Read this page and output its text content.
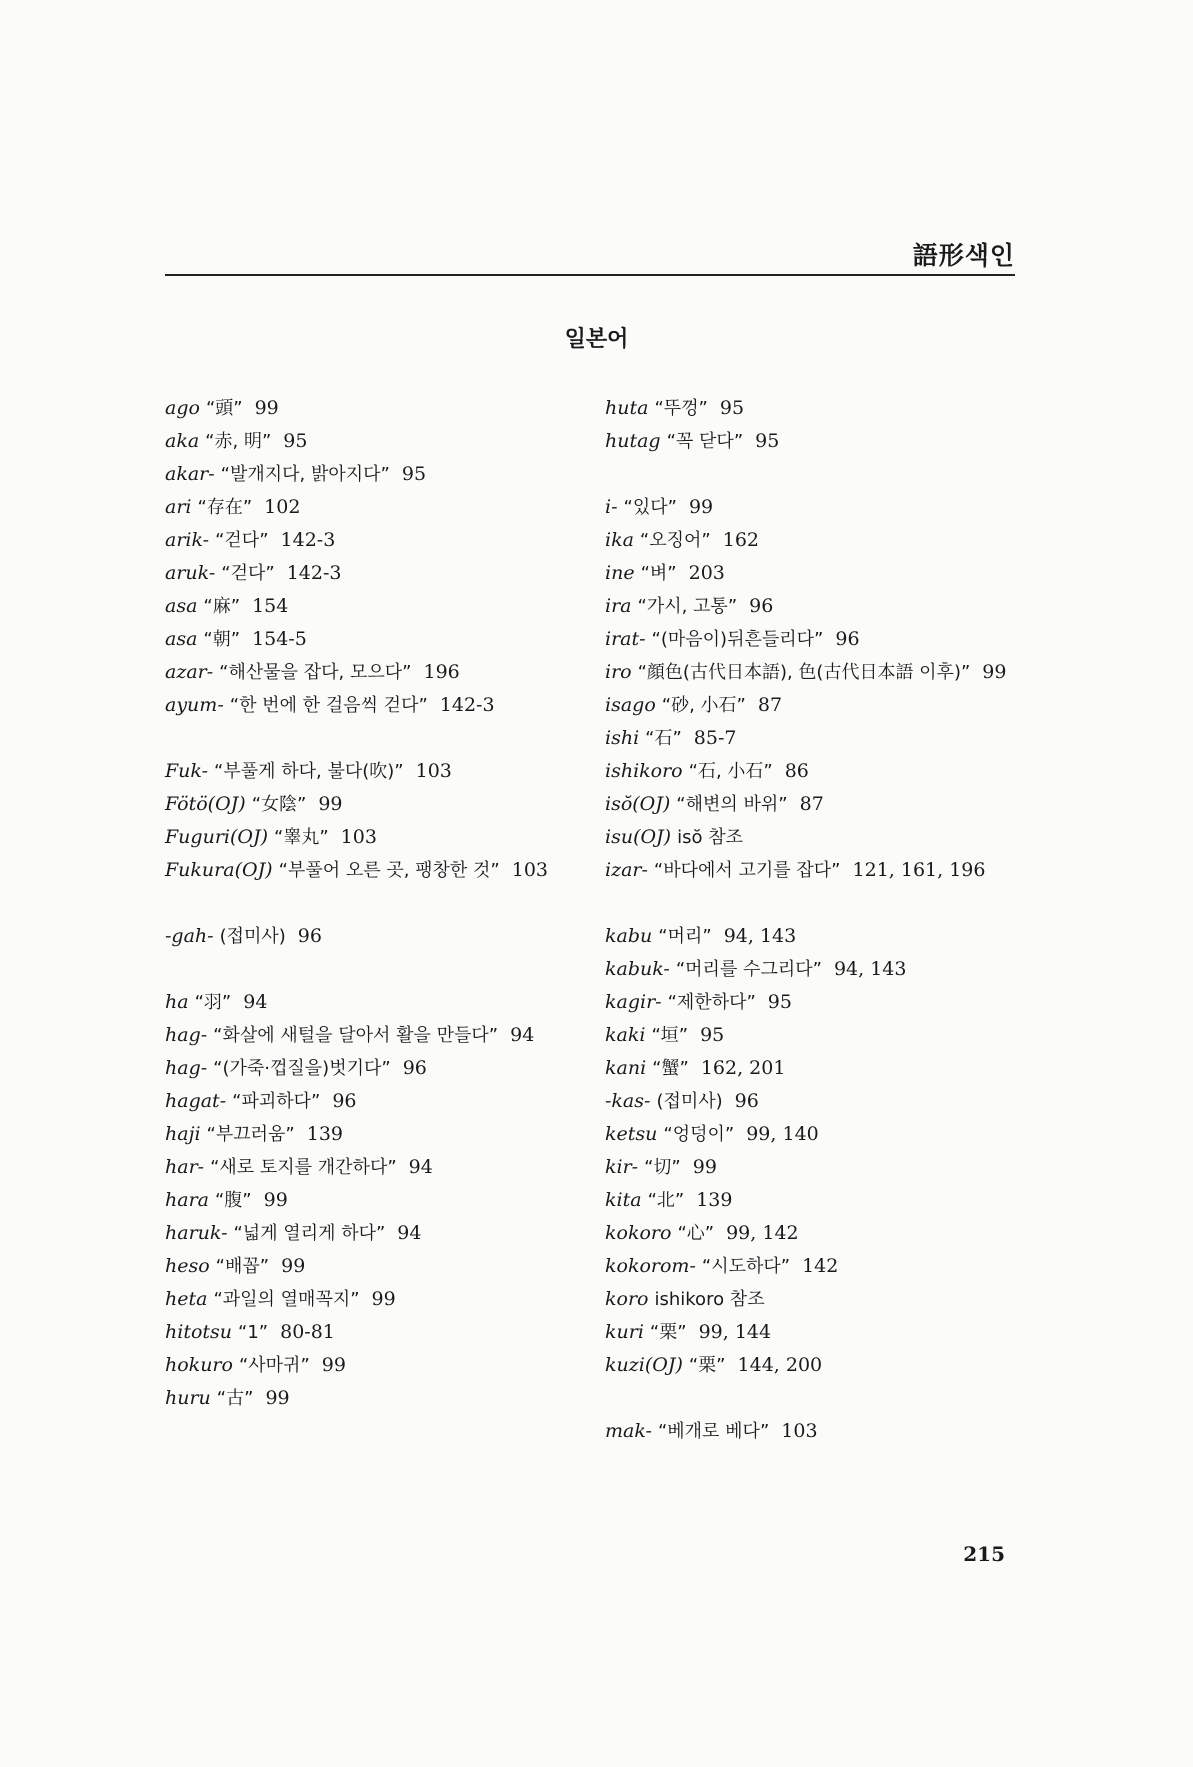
語形색인
일본어
ago “頭” 99
aka “赤, 明” 95
akar- “발개지다, 밝아지다” 95
ari “存在” 102
arik- “걷다” 142-3
aruk- “걷다” 142-3
asa “麻” 154
asa “朝” 154-5
azar- “해산물을 잡다, 모으다” 196
ayum- “한 번에 한 걸음씩 걷다” 142-3
Fuk- “부풀게 하다, 불다(吹)” 103
Fötö(OJ) “女陰” 99
Fuguri(OJ) “睾丸” 103
Fukura(OJ) “부풀어 오른 곳, 팽창한 것” 103
-gah- (접미사) 96
ha “羽” 94
hag- “화살에 새털을 달아서 활을 만들다” 94
hag- “(가죽·껍질을)벗기다” 96
hagat- “파괴하다” 96
haji “부끄러움” 139
har- “새로 토지를 개간하다” 94
hara “腹” 99
haruk- “넓게 열리게 하다” 94
heso “배꼽” 99
heta “과일의 열매꼭지” 99
hitotsu “1” 80-81
hokuro “사마귀” 99
huru “古” 99
huta “뚜껑” 95
hutag “꼭 닫다” 95
i- “있다” 99
ika “오징어” 162
ine “벼” 203
ira “가시, 고통” 96
irat- “(마음이)뒤흔들리다” 96
iro “顔色(古代日本語), 色(古代日本語 이후)” 99
isago “砂, 小石” 87
ishi “石” 85-7
ishikoro “石, 小石” 86
isŏ(OJ) “해변의 바위” 87
isu(OJ) isŏ 참조
izar- “바다에서 고기를 잡다” 121, 161, 196
kabu “머리” 94, 143
kabuk- “머리를 수그리다” 94, 143
kagir- “제한하다” 95
kaki “垣” 95
kani “蟹” 162, 201
-kas- (접미사) 96
ketsu “엉덩이” 99, 140
kir- “切” 99
kita “北” 139
kokoro “心” 99, 142
kokorom- “시도하다” 142
koro ishikoro 참조
kuri “栗” 99, 144
kuzi(OJ) “栗” 144, 200
mak- “베개로 베다” 103
215
